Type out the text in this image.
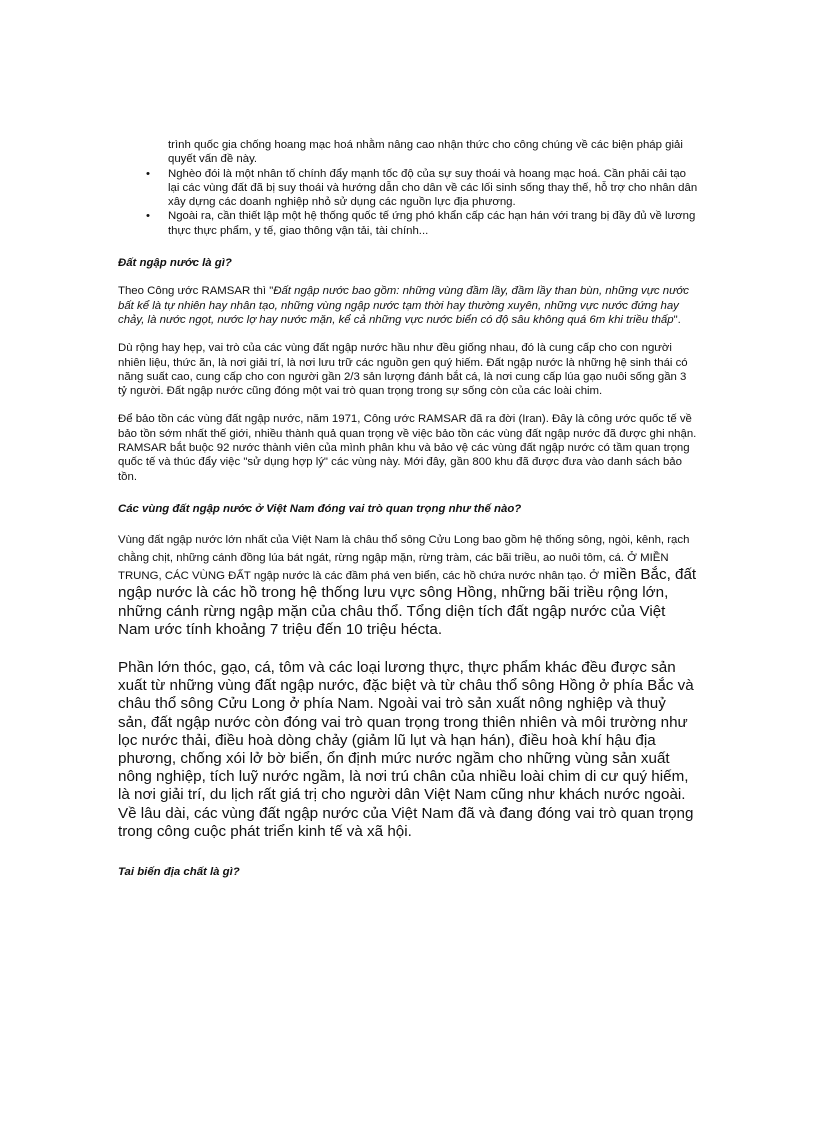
trình quốc gia chống hoang mạc hoá nhằm nâng cao nhận thức cho công chúng về các biện pháp giải quyết vấn đề này.

• Nghèo đói là một nhân tố chính đẩy mạnh tốc độ của sự suy thoái và hoang mạc hoá. Cần phải cải tạo lại các vùng đất đã bị suy thoái và hướng dẫn cho dân về các lối sinh sống thay thế, hỗ trợ cho nhân dân xây dựng các doanh nghiệp nhỏ sử dụng các nguồn lực địa phương.
• Ngoài ra, cần thiết lập một hệ thống quốc tế ứng phó khẩn cấp các hạn hán với trang bị đầy đủ về lương thực thực phẩm, y tế, giao thông vận tải, tài chính...

Đất ngập nước là gì?

Theo Công ước RAMSAR thì "Đất ngập nước bao gồm: những vùng đầm lầy, đầm lầy than bùn, những vực nước bất kể là tự nhiên hay nhân tạo, những vùng ngập nước tạm thời hay thường xuyên, những vực nước đứng hay chảy, là nước ngọt, nước lợ hay nước mặn, kể cả những vực nước biển có độ sâu không quá 6m khi triều thấp".

Dù rộng hay hẹp, vai trò của các vùng đất ngập nước hầu như đều giống nhau, đó là cung cấp cho con người nhiên liệu, thức ăn, là nơi giải trí, là nơi lưu trữ các nguồn gen quý hiếm. Đất ngập nước là những hệ sinh thái có năng suất cao, cung cấp cho con người gần 2/3 sản lượng đánh bắt cá, là nơi cung cấp lúa gạo nuôi sống gần 3 tỷ người. Đất ngập nước cũng đóng một vai trò quan trọng trong sự sống còn của các loài chim.

Để bảo tồn các vùng đất ngập nước, năm 1971, Công ước RAMSAR đã ra đời (Iran). Đây là công ước quốc tế về bảo tồn sớm nhất thế giới, nhiều thành quả quan trọng về việc bảo tồn các vùng đất ngập nước đã được ghi nhận. RAMSAR bắt buộc 92 nước thành viên của mình phân khu và bảo vệ các vùng đất ngập nước có tầm quan trọng quốc tế và thúc đẩy việc "sử dụng hợp lý" các vùng này. Mới đây, gần 800 khu đã được đưa vào danh sách bảo tồn.

Các vùng đất ngập nước ở Việt Nam đóng vai trò quan trọng như thế nào?

Vùng đất ngập nước lớn nhất của Việt Nam là châu thổ sông Cửu Long bao gồm hệ thống sông, ngòi, kênh, rạch chằng chịt, những cánh đồng lúa bát ngát, rừng ngập mặn, rừng tràm, các bãi triều, ao nuôi tôm, cá. Ở MIỀN TRUNG, CÁC VÙNG ĐẤT ngập nước là các đầm phá ven biển, các hồ chứa nước nhân tạo. Ở miền Bắc, đất ngập nước là các hồ trong hệ thống lưu vực sông Hồng, những bãi triều rộng lớn, những cánh rừng ngập mặn của châu thổ. Tổng diện tích đất ngập nước của Việt Nam ước tính khoảng 7 triệu đến 10 triệu hécta.

Phần lớn thóc, gạo, cá, tôm và các loại lương thực, thực phẩm khác đều được sản xuất từ những vùng đất ngập nước, đặc biệt và từ châu thổ sông Hồng ở phía Bắc và châu thổ sông Cửu Long ở phía Nam. Ngoài vai trò sản xuất nông nghiệp và thuỷ sản, đất ngập nước còn đóng vai trò quan trọng trong thiên nhiên và môi trường như lọc nước thải, điều hoà dòng chảy (giảm lũ lụt và hạn hán), điều hoà khí hậu địa phương, chống xói lở bờ biển, ổn định mức nước ngầm cho những vùng sản xuất nông nghiệp, tích luỹ nước ngầm, là nơi trú chân của nhiều loài chim di cư quý hiếm, là nơi giải trí, du lịch rất giá trị cho người dân Việt Nam cũng như khách nước ngoài. Về lâu dài, các vùng đất ngập nước của Việt Nam đã và đang đóng vai trò quan trọng trong công cuộc phát triển kinh tế và xã hội.

Tai biến địa chất là gì?
